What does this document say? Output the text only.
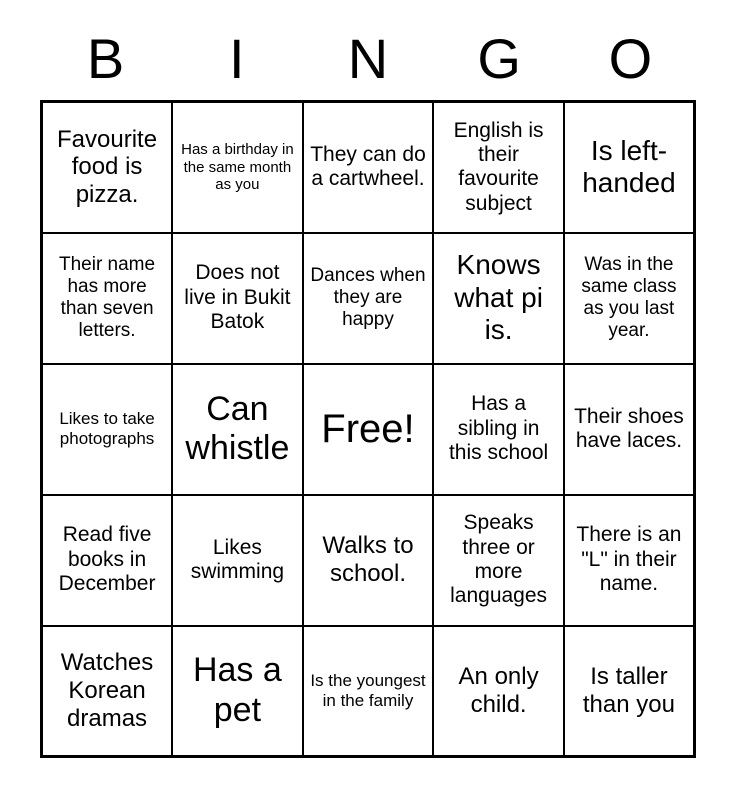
B	I	N	G	O
Favourite food is pizza.	Has a birthday in the same month as you	They can do a cartwheel.	English is their favourite subject	Is left-handed
Their name has more than seven letters.	Does not live in Bukit Batok	Dances when they are happy	Knows what pi is.	Was in the same class as you last year.
Likes to take photographs	Can whistle	Free!	Has a sibling in this school	Their shoes have laces.
Read five books in December	Likes swimming	Walks to school.	Speaks three or more languages	There is an "L" in their name.
Watches Korean dramas	Has a pet	Is the youngest in the family	An only child.	Is taller than you
